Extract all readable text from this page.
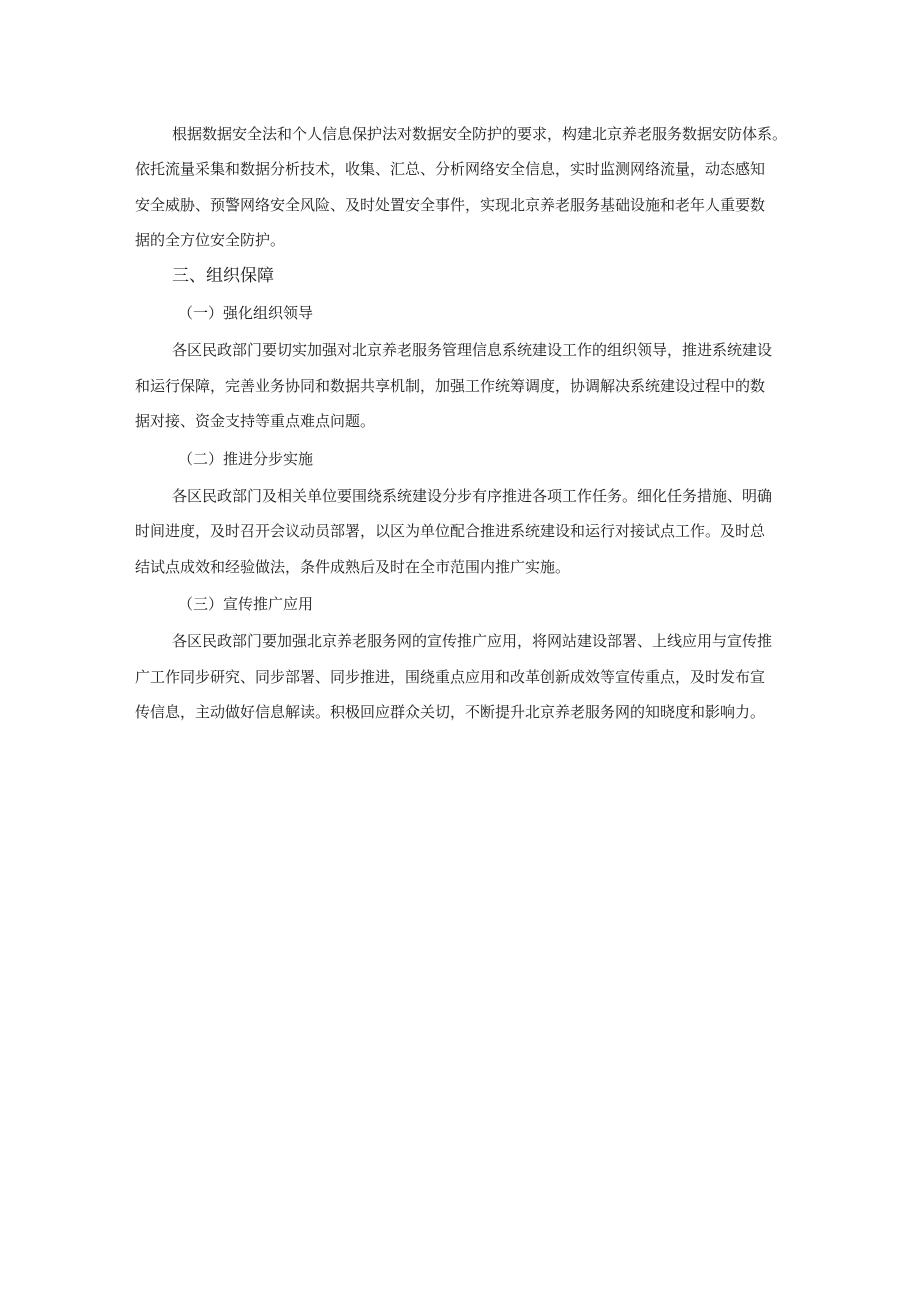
根据数据安全法和个人信息保护法对数据安全防护的要求，构建北京养老服务数据安防体系。
依托流量采集和数据分析技术，收集、汇总、分析网络安全信息，实时监测网络流量，动态感知
安全威胁、预警网络安全风险、及时处置安全事件，实现北京养老服务基础设施和老年人重要数
据的全方位安全防护。
三、组织保障
（一）强化组织领导
各区民政部门要切实加强对北京养老服务管理信息系统建设工作的组织领导，推进系统建设
和运行保障，完善业务协同和数据共享机制，加强工作统筹调度，协调解决系统建设过程中的数
据对接、资金支持等重点难点问题。
（二）推进分步实施
各区民政部门及相关单位要围绕系统建设分步有序推进各项工作任务。细化任务措施、明确
时间进度，及时召开会议动员部署，以区为单位配合推进系统建设和运行对接试点工作。及时总
结试点成效和经验做法，条件成熟后及时在全市范围内推广实施。
（三）宣传推广应用
各区民政部门要加强北京养老服务网的宣传推广应用，将网站建设部署、上线应用与宣传推
广工作同步研究、同步部署、同步推进，围绕重点应用和改革创新成效等宣传重点，及时发布宣
传信息，主动做好信息解读。积极回应群众关切，不断提升北京养老服务网的知晓度和影响力。
